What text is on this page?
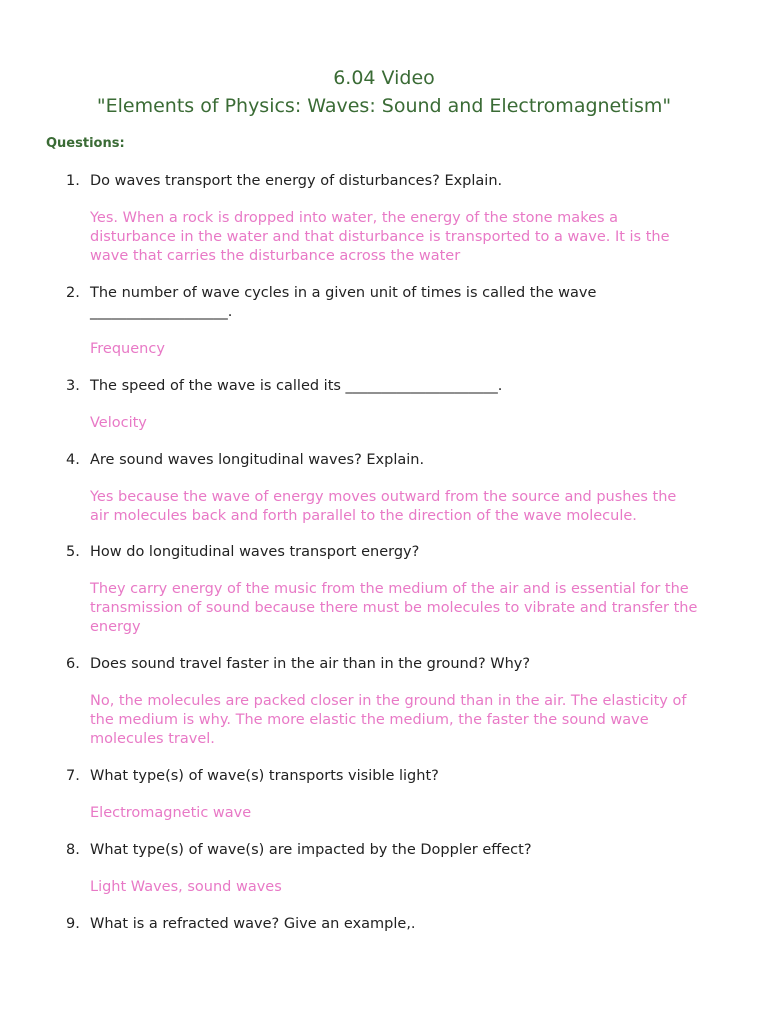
6.04 Video
"Elements of Physics: Waves: Sound and Electromagnetism"
Questions:
1. Do waves transport the energy of disturbances? Explain.
Yes. When a rock is dropped into water, the energy of the stone makes a
disturbance in the water and that disturbance is transported to a wave. It is the
wave that carries the disturbance across the water
2. The number of wave cycles in a given unit of times is called the wave
___________________.
Frequency
3. The speed of the wave is called its _____________________.
Velocity
4. Are sound waves longitudinal waves? Explain.
Yes because the wave of energy moves outward from the source and pushes the
air molecules back and forth parallel to the direction of the wave molecule.
5. How do longitudinal waves transport energy?
They carry energy of the music from the medium of the air and is essential for the
transmission of sound because there must be molecules to vibrate and transfer the
energy
6. Does sound travel faster in the air than in the ground? Why?
No, the molecules are packed closer in the ground than in the air. The elasticity of
the medium is why. The more elastic the medium, the faster the sound wave
molecules travel.
7. What type(s) of wave(s) transports visible light?
Electromagnetic wave
8. What type(s) of wave(s) are impacted by the Doppler effect?
Light Waves, sound waves
9. What is a refracted wave? Give an example,.
